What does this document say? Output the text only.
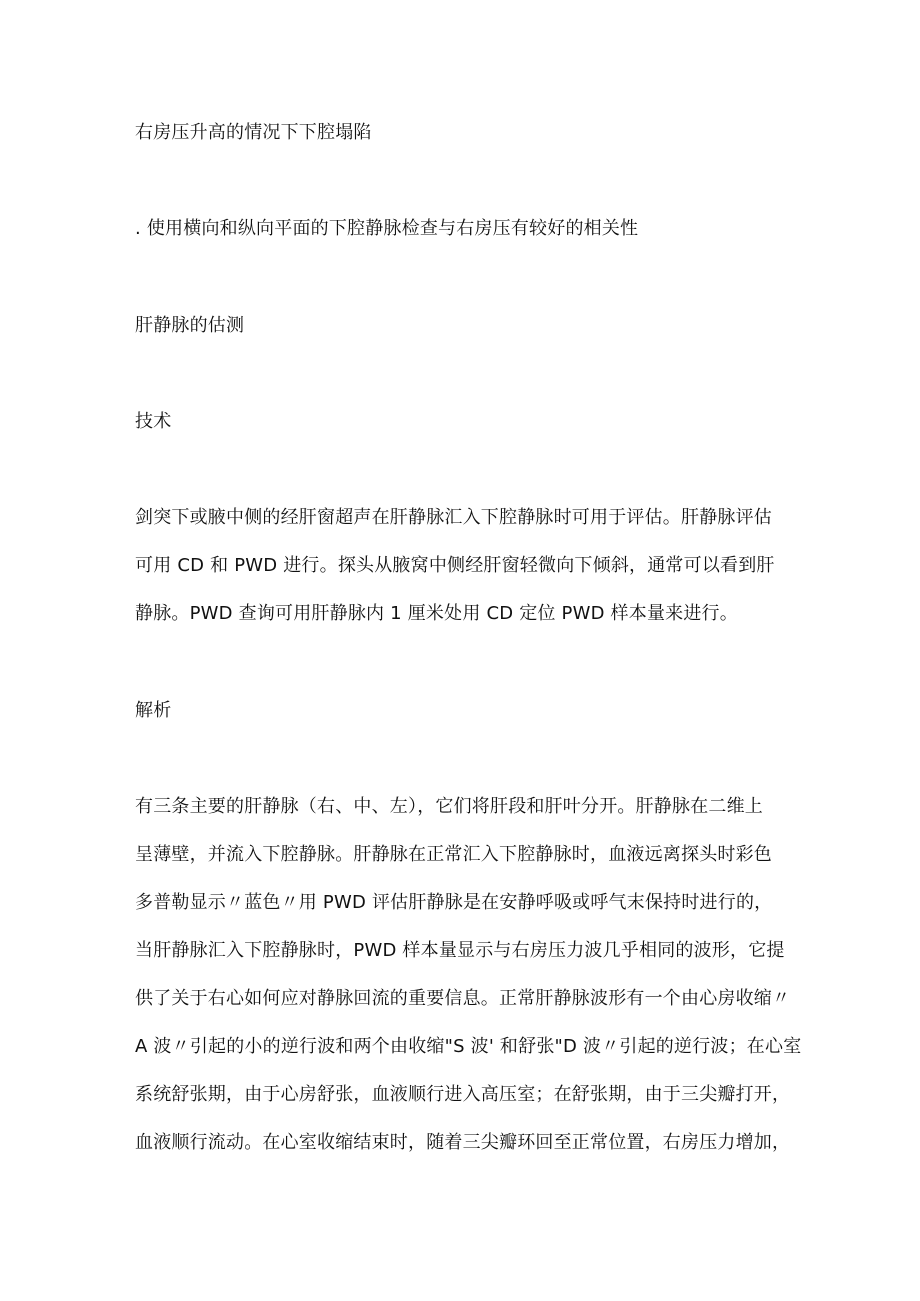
右房压升高的情况下下腔塌陷
. 使用横向和纵向平面的下腔静脉检查与右房压有较好的相关性
肝静脉的估测
技术
剑突下或腋中侧的经肝窗超声在肝静脉汇入下腔静脉时可用于评估。肝静脉评估
可用 CD 和 PWD 进行。探头从腋窝中侧经肝窗轻微向下倾斜，通常可以看到肝
静脉。PWD 查询可用肝静脉内 1 厘米处用 CD 定位 PWD 样本量来进行。
解析
有三条主要的肝静脉（右、中、左），它们将肝段和肝叶分开。肝静脉在二维上
呈薄壁，并流入下腔静脉。肝静脉在正常汇入下腔静脉时，血液远离探头时彩色
多普勒显示〃蓝色〃用 PWD 评估肝静脉是在安静呼吸或呼气末保持时进行的，
当肝静脉汇入下腔静脉时，PWD 样本量显示与右房压力波几乎相同的波形，它提
供了关于右心如何应对静脉回流的重要信息。正常肝静脉波形有一个由心房收缩〃
A 波〃引起的小的逆行波和两个由收缩"S 波' 和舒张"D 波〃引起的逆行波；在心室
系统舒张期，由于心房舒张，血液顺行进入高压室；在舒张期，由于三尖瓣打开，
血液顺行流动。在心室收缩结束时，随着三尖瓣环回至正常位置，右房压力增加，
